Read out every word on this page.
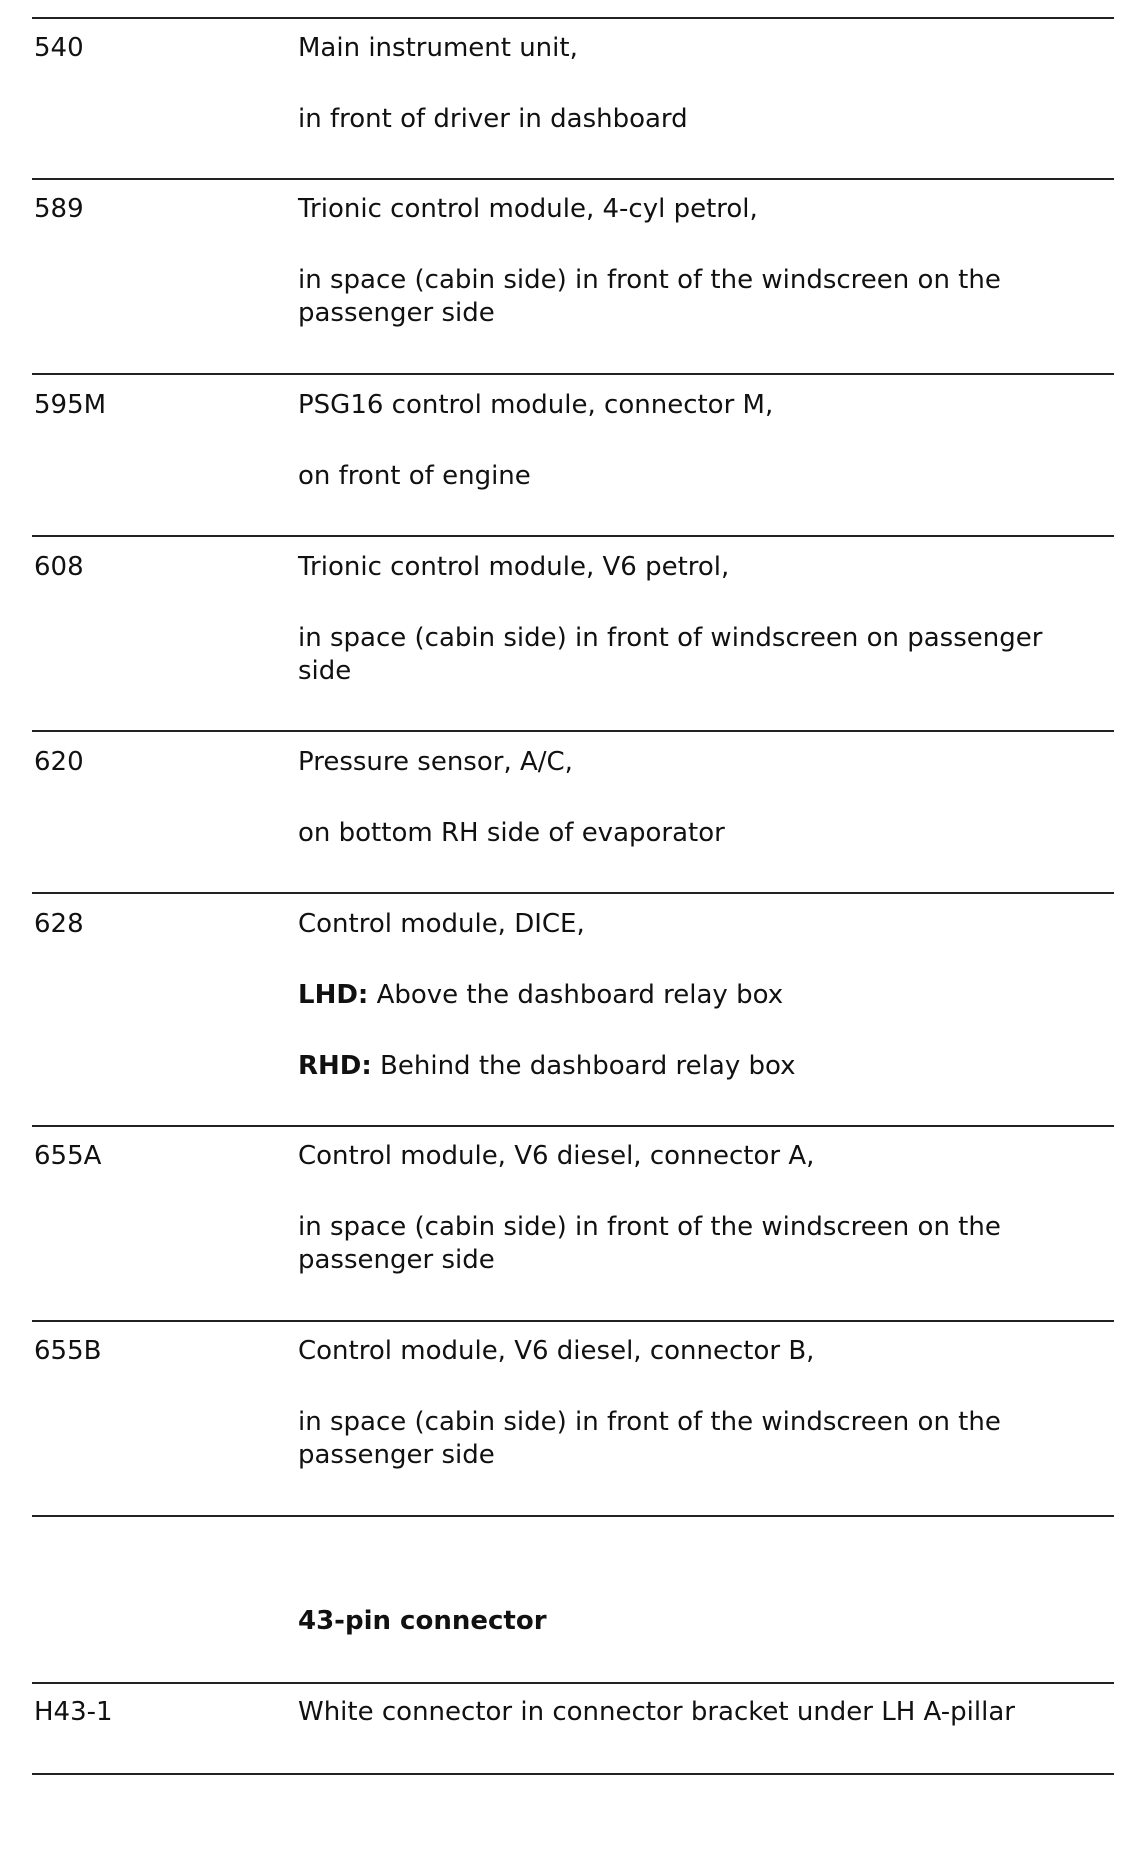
540	Main instrument unit,
in front of driver in dashboard
589	Trionic control module, 4-cyl petrol,
in space (cabin side) in front of the windscreen on the passenger side
595M	PSG16 control module, connector M,
on front of engine
608	Trionic control module, V6 petrol,
in space (cabin side) in front of windscreen on passenger side
620	Pressure sensor, A/C,
on bottom RH side of evaporator
628	Control module, DICE,
LHD: Above the dashboard relay box
RHD: Behind the dashboard relay box
655A	Control module, V6 diesel, connector A,
in space (cabin side) in front of the windscreen on the passenger side
655B	Control module, V6 diesel, connector B,
in space (cabin side) in front of the windscreen on the passenger side
43-pin connector
H43-1	White connector in connector bracket under LH A-pillar
